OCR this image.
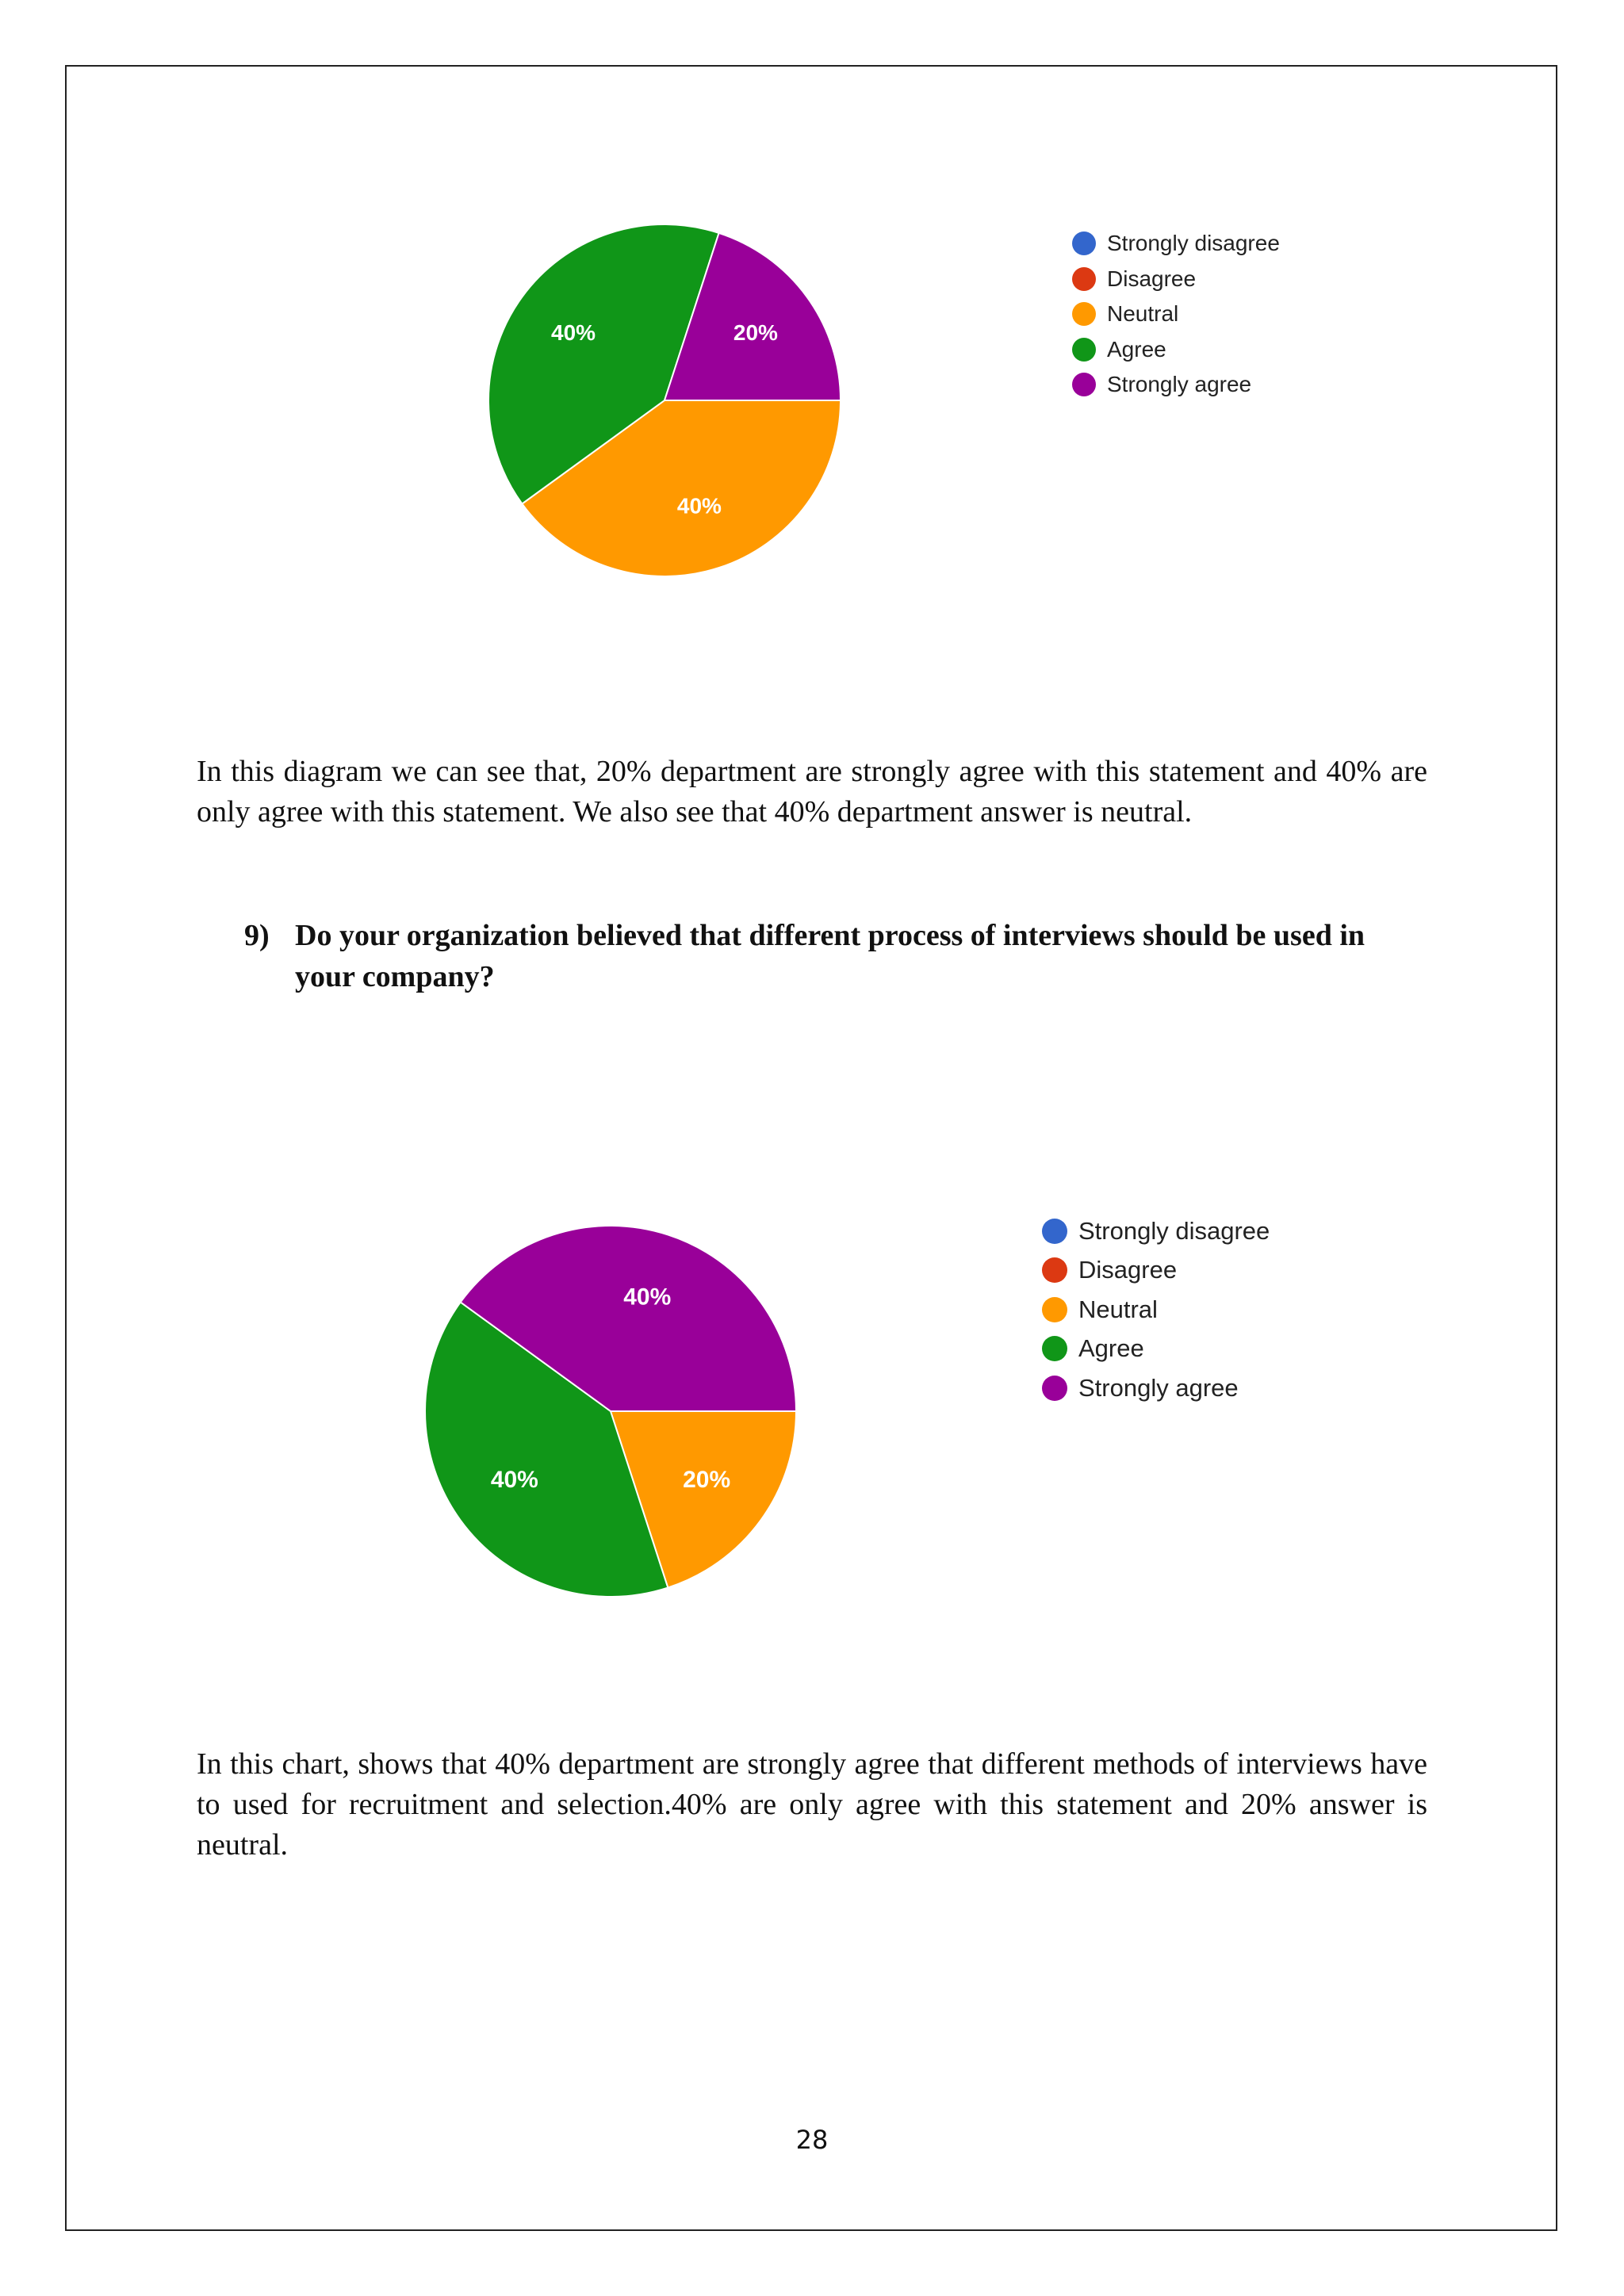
40%
40%	20%
Strongly disagree
Disagree
Neutral
Agree
Strongly agree

In this diagram we can see that, 20% department are strongly agree with this statement and 40% are only agree with this statement. We also see that 40% department answer is neutral.

9) Do your organization believed that different process of interviews should be used in your company?
20%
40%
40%
Strongly disagree
Disagree
Neutral
Agree
Strongly agree

In this chart, shows that 40% department are strongly agree that different methods of interviews have to used for recruitment and selection.40% are only agree with this statement and 20% answer is neutral.

28
